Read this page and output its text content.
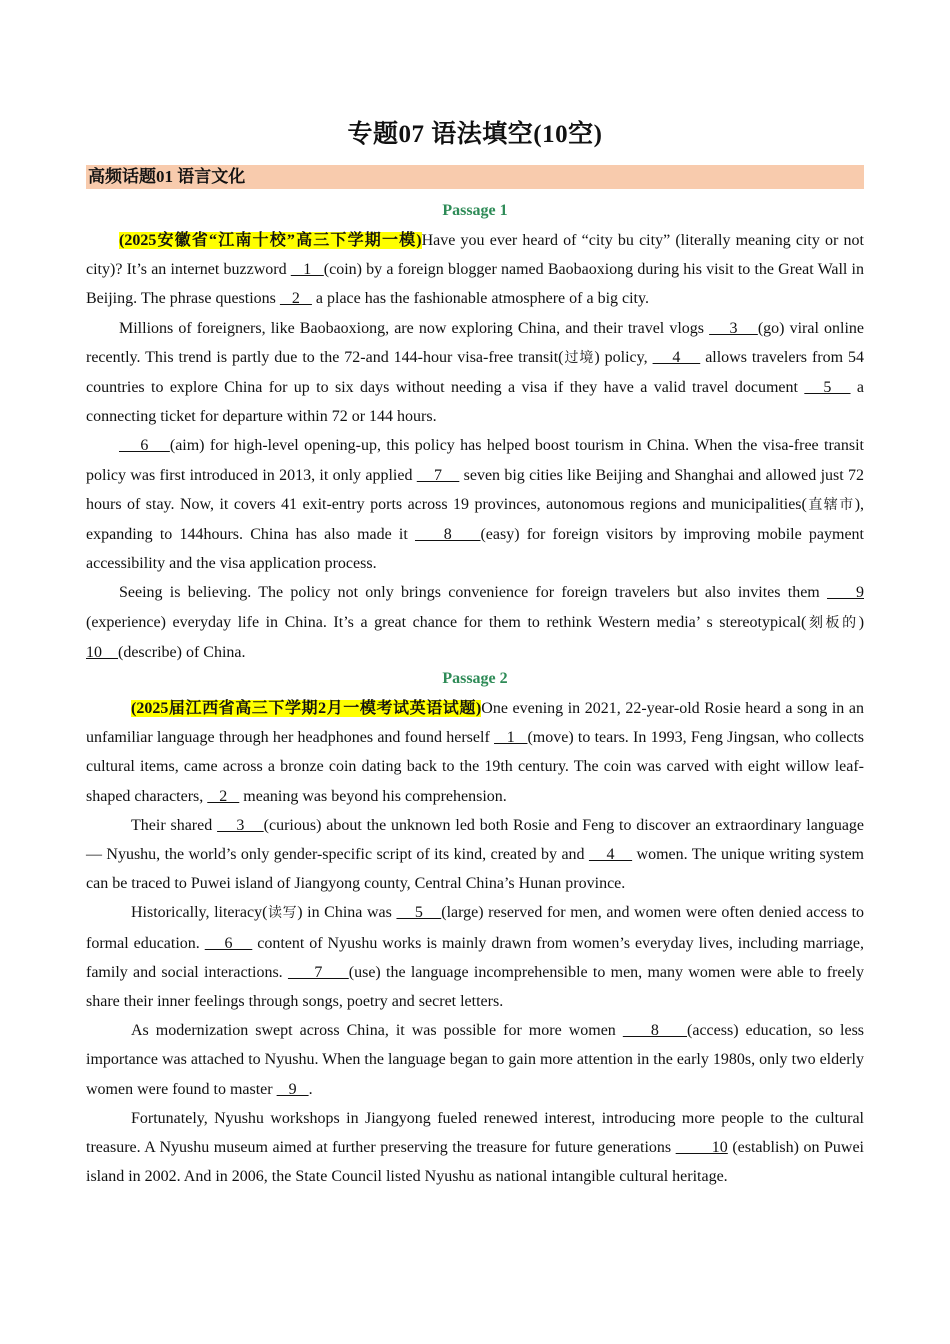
专题07 语法填空(10空)
高频话题01 语言文化
Passage 1

(2025安徽省“江南十校”高三下学期一模)Have you ever heard of “city bu city” (literally meaning city or not city)? It’s an internet buzzword    1   (coin) by a foreign blogger named Baobaoxiong during his visit to the Great Wall in Beijing. The phrase questions    2    a place has the fashionable atmosphere of a big city.

Millions of foreigners, like Baobaoxiong, are now exploring China, and their travel vlogs     3    (go) viral online recently. This trend is partly due to the 72-and 144-hour visa-free transit(过境) policy,     4     allows travelers from 54 countries to explore China for up to six days without needing a visa if they have a valid travel document    5    a connecting ticket for departure within 72 or 144 hours.

6    (aim) for high-level opening-up, this policy has helped boost tourism in China. When the visa-free transit policy was first introduced in 2013, it only applied     7     seven big cities like Beijing and Shanghai and allowed just 72 hours of stay. Now, it covers 41 exit-entry ports across 19 provinces, autonomous regions and municipalities(直辖市), expanding to 144hours. China has also made it     8    (easy) for foreign visitors by improving mobile payment accessibility and the visa application process.

Seeing is believing. The policy not only brings convenience for foreign travelers but also invites them     9 (experience) everyday life in China. It’s a great chance for them to rethink Western media’ s stereotypical(刻板的) 10    (describe) of China.

Passage 2

(2025届江西省高三下学期2月一模考试英语试题)One evening in 2021, 22-year-old Rosie heard a song in an unfamiliar language through her headphones and found herself    1   (move) to tears. In 1993, Feng Jingsan, who collects cultural items, came across a bronze coin dating back to the 19th century. The coin was carved with eight willow leaf-shaped characters,    2    meaning was beyond his comprehension.

Their shared     3    (curious) about the unknown led both Rosie and Feng to discover an extraordinary language — Nyushu, the world’s only gender-specific script of its kind, created by and     4     women. The unique writing system can be traced to Puwei island of Jiangyong county, Central China’s Hunan province.

Historically, literacy(读写) in China was     5    (large) reserved for men, and women were often denied access to formal education.     6     content of Nyushu works is mainly drawn from women’s everyday lives, including marriage, family and social interactions.      7     (use) the language incomprehensible to men, many women were able to freely share their inner feelings through songs, poetry and secret letters.

As modernization swept across China, it was possible for more women     8    (access) education, so less importance was attached to Nyushu. When the language began to gain more attention in the early 1980s, only two elderly women were found to master    9   .

Fortunately, Nyushu workshops in Jiangyong fueled renewed interest, introducing more people to the cultural treasure. A Nyushu museum aimed at further preserving the treasure for future generations         10 (establish) on Puwei island in 2002. And in 2006, the State Council listed Nyushu as national intangible cultural heritage.
